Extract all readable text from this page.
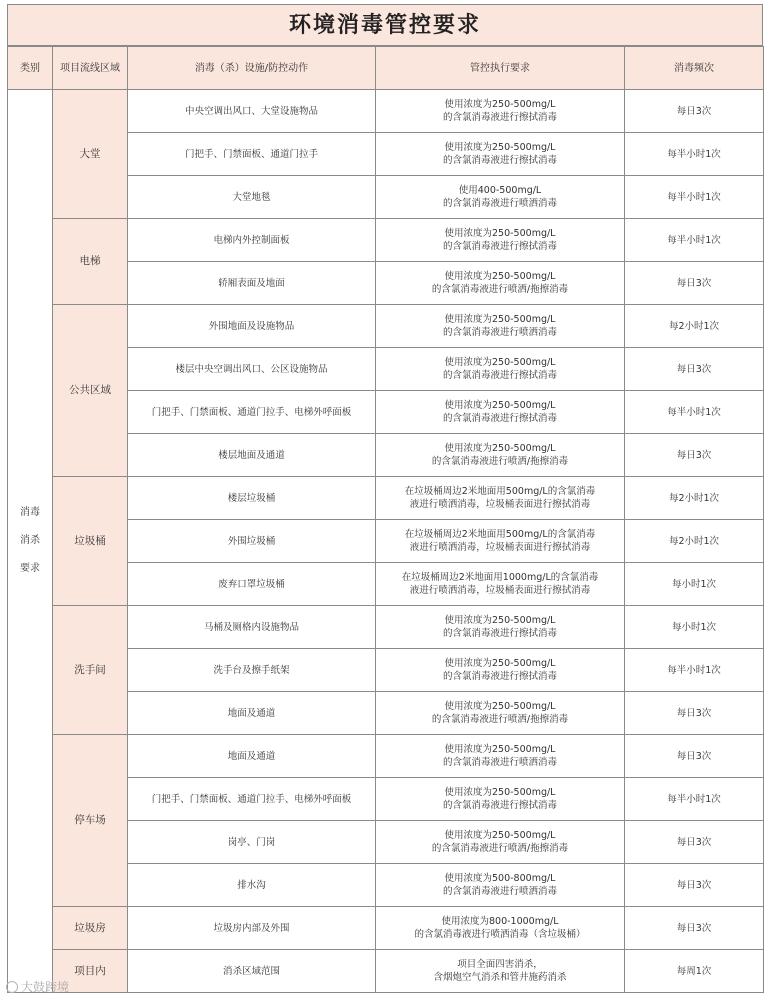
环境消毒管控要求
类别	项目流线区域	消毒（杀）设施/防控动作	管控执行要求	消毒频次

消毒
消杀
要求	大堂	中央空调出风口、大堂设施物品	使用浓度为250-500mg/L
的含氯消毒液进行擦拭消毒	每日3次
		门把手、门禁面板、通道门拉手	使用浓度为250-500mg/L
的含氯消毒液进行擦拭消毒	每半小时1次
		大堂地毯	使用400-500mg/L
的含氯消毒液进行喷洒消毒	每半小时1次
	电梯	电梯内外控制面板	使用浓度为250-500mg/L
的含氯消毒液进行擦拭消毒	每半小时1次
		轿厢表面及地面	使用浓度为250-500mg/L
的含氯消毒液进行喷洒/拖擦消毒	每日3次
	公共区域	外围地面及设施物品	使用浓度为250-500mg/L
的含氯消毒液进行喷洒消毒	每2小时1次
		楼层中央空调出风口、公区设施物品	使用浓度为250-500mg/L
的含氯消毒液进行擦拭消毒	每日3次
		门把手、门禁面板、通道门拉手、电梯外呼面板	使用浓度为250-500mg/L
的含氯消毒液进行擦拭消毒	每半小时1次
		楼层地面及通道	使用浓度为250-500mg/L
的含氯消毒液进行喷洒/拖擦消毒	每日3次
	垃圾桶	楼层垃圾桶	在垃圾桶周边2米地面用500mg/L的含氯消毒
液进行喷洒消毒，垃圾桶表面进行擦拭消毒	每2小时1次
		外围垃圾桶	在垃圾桶周边2米地面用500mg/L的含氯消毒
液进行喷洒消毒，垃圾桶表面进行擦拭消毒	每2小时1次
		废弃口罩垃圾桶	在垃圾桶周边2米地面用1000mg/L的含氯消毒
液进行喷洒消毒，垃圾桶表面进行擦拭消毒	每小时1次
	洗手间	马桶及厕格内设施物品	使用浓度为250-500mg/L
的含氯消毒液进行擦拭消毒	每小时1次
		洗手台及擦手纸架	使用浓度为250-500mg/L
的含氯消毒液进行擦拭消毒	每半小时1次
		地面及通道	使用浓度为250-500mg/L
的含氯消毒液进行喷洒/拖擦消毒	每日3次
	停车场	地面及通道	使用浓度为250-500mg/L
的含氯消毒液进行喷洒消毒	每日3次
		门把手、门禁面板、通道门拉手、电梯外呼面板	使用浓度为250-500mg/L
的含氯消毒液进行擦拭消毒	每半小时1次
		岗亭、门岗	使用浓度为250-500mg/L
的含氯消毒液进行喷洒/拖擦消毒	每日3次
		排水沟	使用浓度为500-800mg/L
的含氯消毒液进行喷洒消毒	每日3次
	垃圾房	垃圾房内部及外围	使用浓度为800-1000mg/L
的含氯消毒液进行喷洒消毒（含垃圾桶）	每日3次
	项目内	消杀区域范围	项目全面四害消杀，
含烟炮空气消杀和管井施药消杀	每周1次
大鼓跨境
